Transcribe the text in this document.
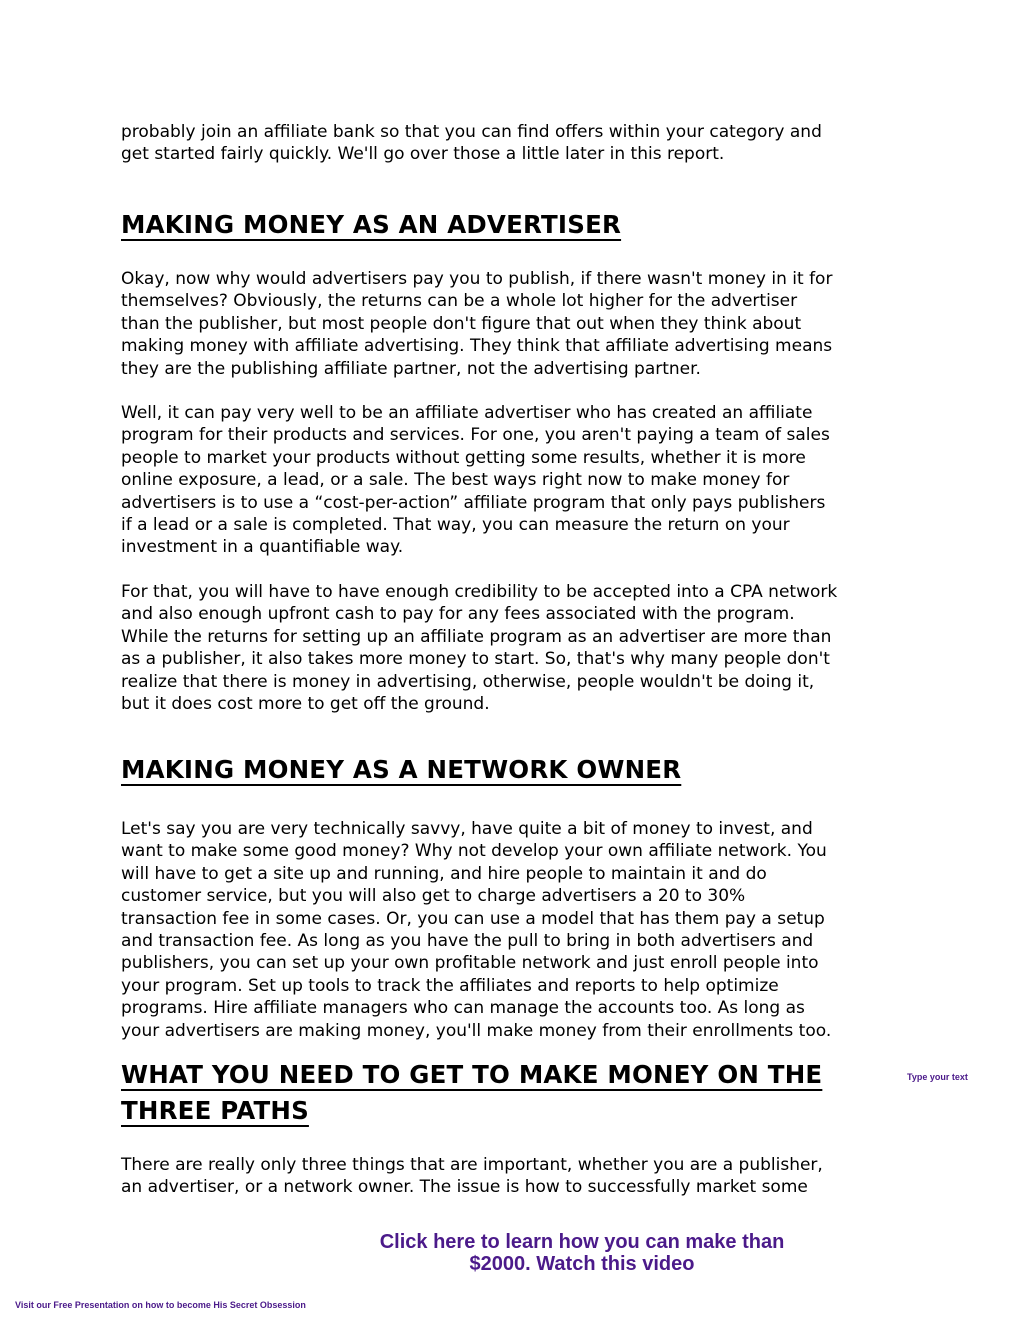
probably join an affiliate bank so that you can find offers within your category and
get started fairly quickly. We'll go over those a little later in this report.

MAKING MONEY AS AN ADVERTISER

Okay, now why would advertisers pay you to publish, if there wasn't money in it for
themselves? Obviously, the returns can be a whole lot higher for the advertiser
than the publisher, but most people don't figure that out when they think about
making money with affiliate advertising. They think that affiliate advertising means
they are the publishing affiliate partner, not the advertising partner.

Well, it can pay very well to be an affiliate advertiser who has created an affiliate
program for their products and services. For one, you aren't paying a team of sales
people to market your products without getting some results, whether it is more
online exposure, a lead, or a sale. The best ways right now to make money for
advertisers is to use a “cost-per-action” affiliate program that only pays publishers
if a lead or a sale is completed. That way, you can measure the return on your
investment in a quantifiable way.

For that, you will have to have enough credibility to be accepted into a CPA network
and also enough upfront cash to pay for any fees associated with the program.
While the returns for setting up an affiliate program as an advertiser are more than
as a publisher, it also takes more money to start. So, that's why many people don't
realize that there is money in advertising, otherwise, people wouldn't be doing it,
but it does cost more to get off the ground.

MAKING MONEY AS A NETWORK OWNER

Let's say you are very technically savvy, have quite a bit of money to invest, and
want to make some good money? Why not develop your own affiliate network. You
will have to get a site up and running, and hire people to maintain it and do
customer service, but you will also get to charge advertisers a 20 to 30%
transaction fee in some cases. Or, you can use a model that has them pay a setup
and transaction fee. As long as you have the pull to bring in both advertisers and
publishers, you can set up your own profitable network and just enroll people into
your program. Set up tools to track the affiliates and reports to help optimize
programs. Hire affiliate managers who can manage the accounts too. As long as
your advertisers are making money, you'll make money from their enrollments too.

WHAT YOU NEED TO GET TO MAKE MONEY ON THE
THREE PATHS
Type your text

There are really only three things that are important, whether you are a publisher,
an advertiser, or a network owner. The issue is how to successfully market some

Click here to learn how you can make than
$2000. Watch this video
Visit our Free Presentation on how to become His Secret Obsession
